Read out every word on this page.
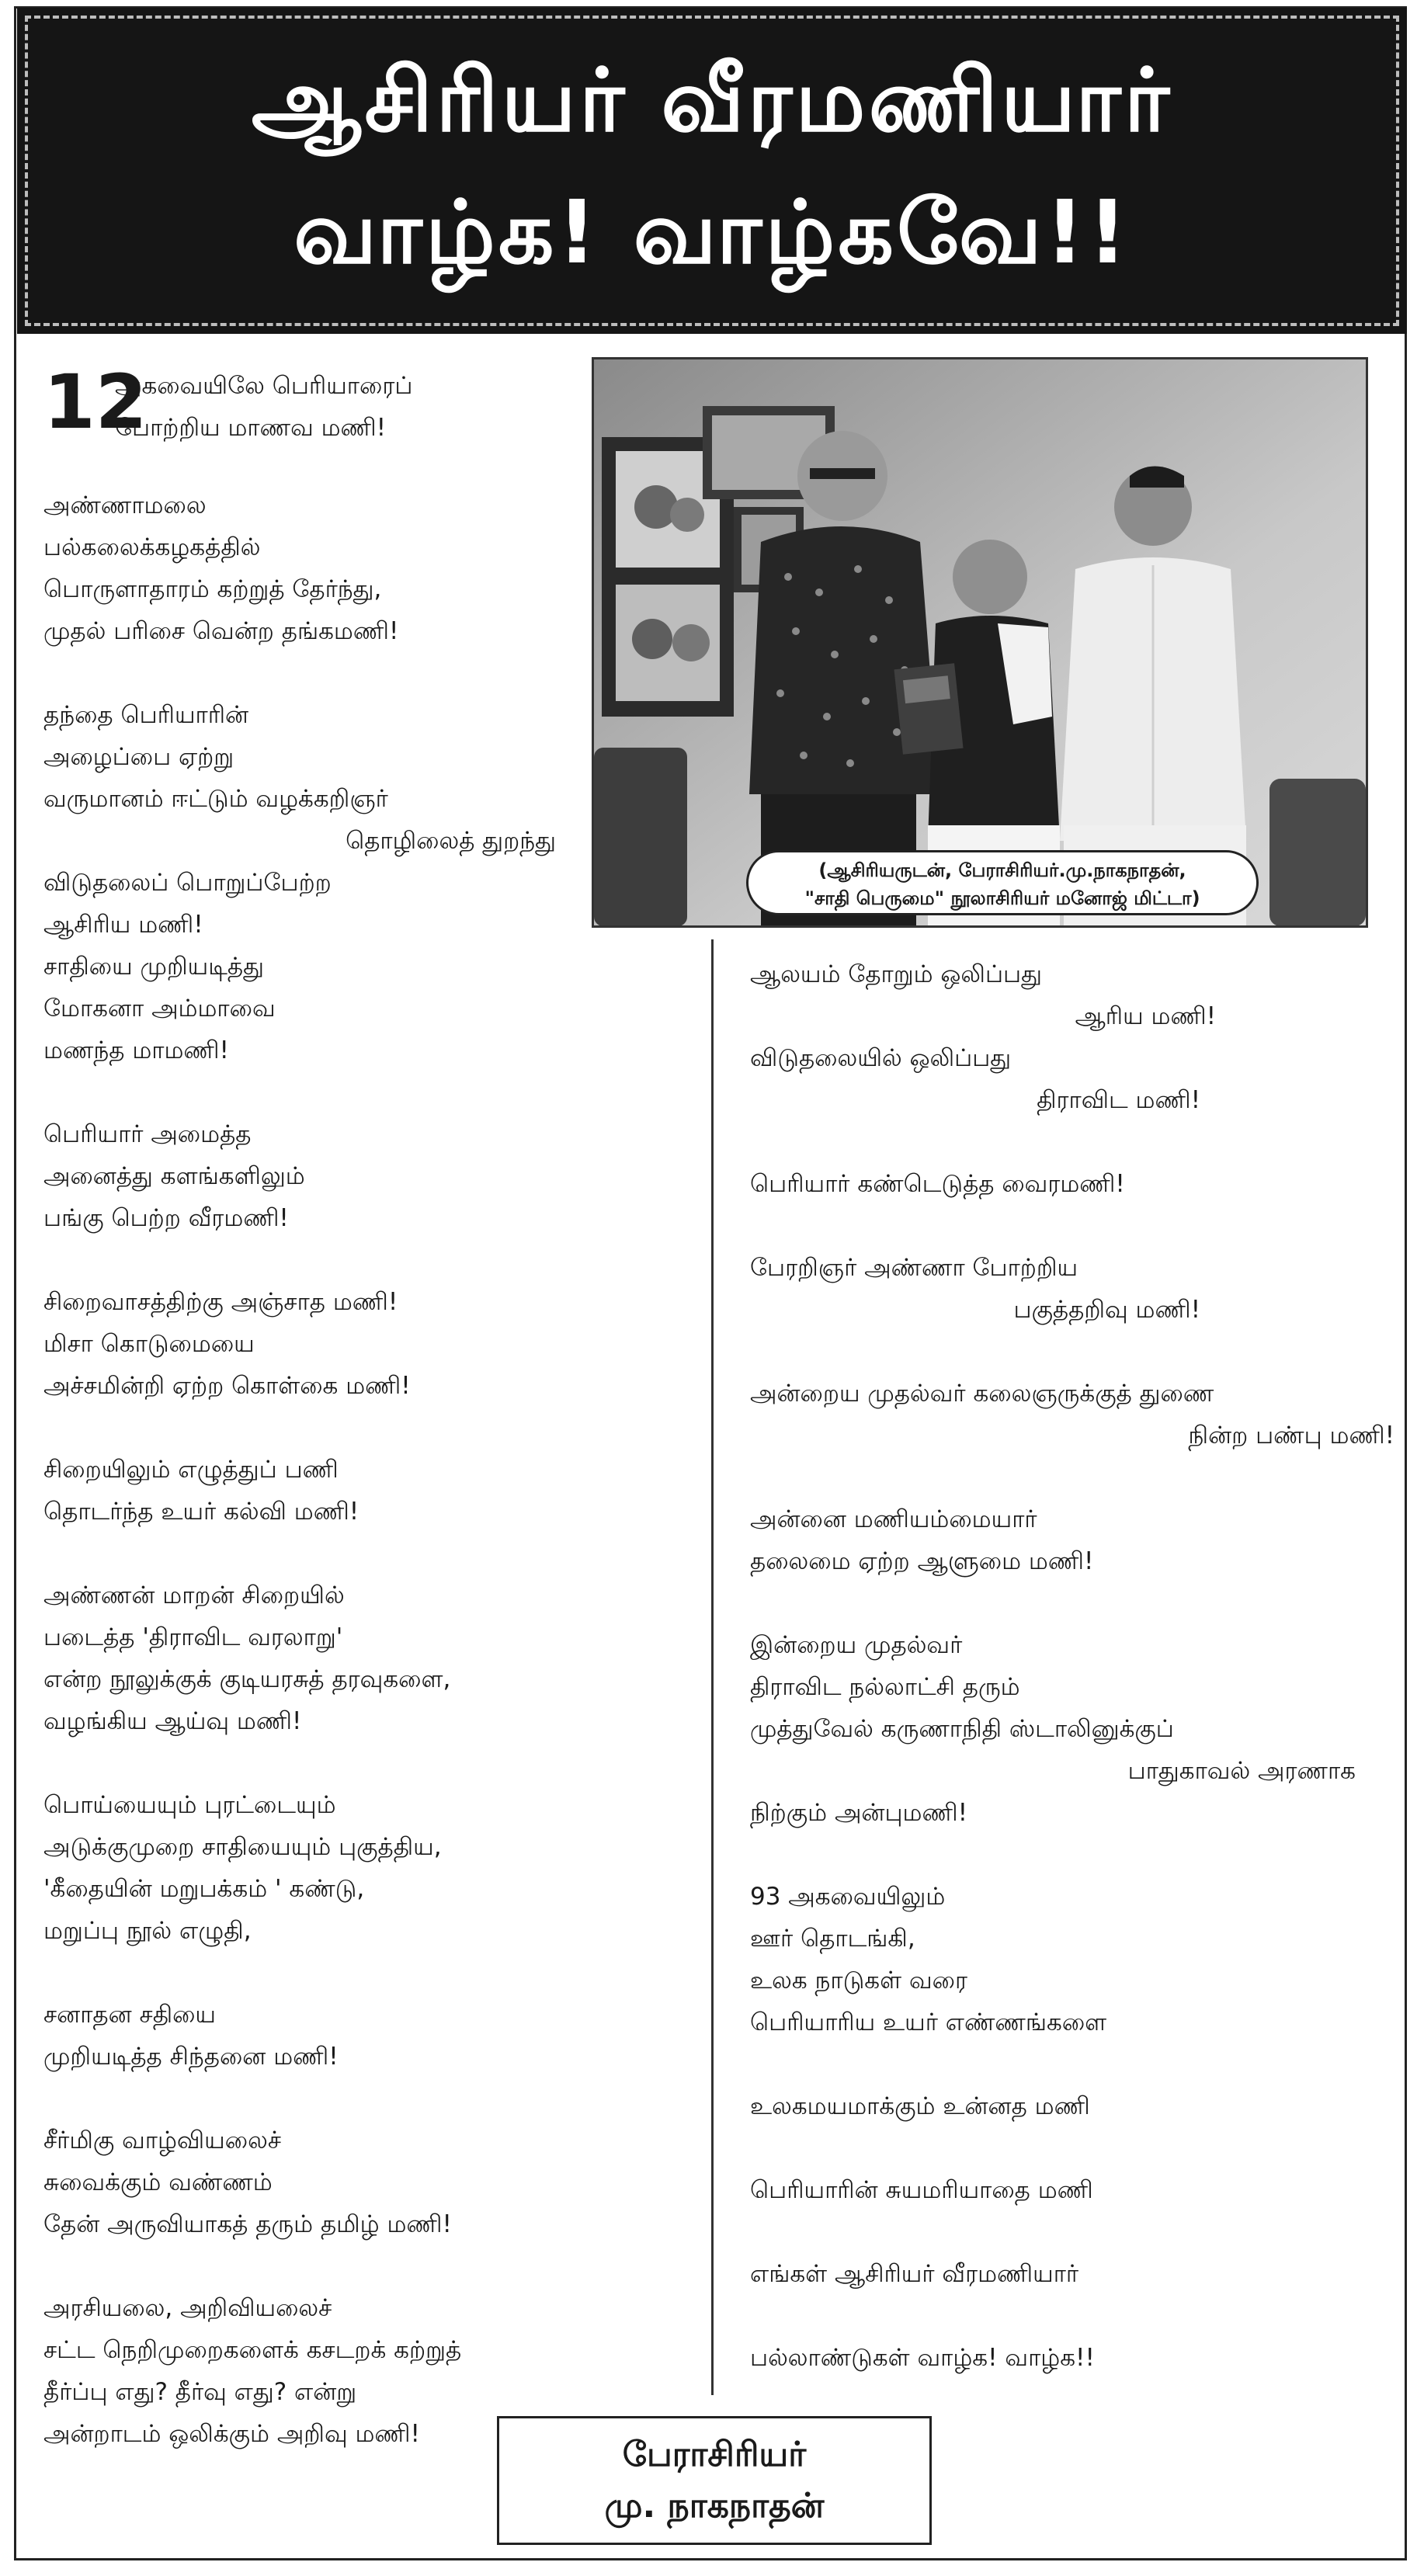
ஆசிரியர் வீரமணியார்
வாழ்க! வாழ்கவே!!
12
அகவையிலே பெரியாரைப்
போற்றிய மாணவ மணி!
அண்ணாமலை
பல்கலைக்கழகத்தில்
பொருளாதாரம் கற்றுத் தேர்ந்து,
முதல் பரிசை வென்ற தங்கமணி!
தந்தை பெரியாரின்
அழைப்பை ஏற்று
வருமானம் ஈட்டும் வழக்கறிஞர்
தொழிலைத் துறந்து
விடுதலைப் பொறுப்பேற்ற
ஆசிரிய மணி!
சாதியை முறியடித்து
மோகனா அம்மாவை
மணந்த மாமணி!
பெரியார் அமைத்த
அனைத்து களங்களிலும்
பங்கு பெற்ற வீரமணி!
சிறைவாசத்திற்கு அஞ்சாத மணி!
மிசா கொடுமையை
அச்சமின்றி ஏற்ற கொள்கை மணி!
சிறையிலும் எழுத்துப் பணி
தொடர்ந்த உயர் கல்வி மணி!
அண்ணன் மாறன் சிறையில்
படைத்த 'திராவிட வரலாறு'
என்ற நூலுக்குக் குடியரசுத் தரவுகளை,
வழங்கிய ஆய்வு மணி!
பொய்யையும் புரட்டையும்
அடுக்குமுறை சாதியையும் புகுத்திய,
'கீதையின் மறுபக்கம் ' கண்டு,
மறுப்பு நூல் எழுதி,
சனாதன சதியை
முறியடித்த சிந்தனை மணி!
சீர்மிகு வாழ்வியலைச்
சுவைக்கும் வண்ணம்
தேன் அருவியாகத் தரும் தமிழ் மணி!
அரசியலை, அறிவியலைச்
சட்ட நெறிமுறைகளைக் கசடறக் கற்றுத்
தீர்ப்பு எது? தீர்வு எது? என்று
அன்றாடம் ஒலிக்கும் அறிவு மணி!
(ஆசிரியருடன், பேராசிரியர்.மு.நாகநாதன்,
"சாதி பெருமை" நூலாசிரியர் மனோஜ் மிட்டா)
ஆலயம் தோறும் ஒலிப்பது
ஆரிய மணி!
விடுதலையில் ஒலிப்பது
திராவிட மணி!
பெரியார் கண்டெடுத்த வைரமணி!
பேரறிஞர் அண்ணா போற்றிய
பகுத்தறிவு மணி!
அன்றைய முதல்வர் கலைஞருக்குத் துணை
நின்ற பண்பு மணி!
அன்னை மணியம்மையார்
தலைமை ஏற்ற ஆளுமை மணி!
இன்றைய முதல்வர்
திராவிட நல்லாட்சி தரும்
முத்துவேல் கருணாநிதி ஸ்டாலினுக்குப்
பாதுகாவல் அரணாக
நிற்கும் அன்புமணி!
93 அகவையிலும்
ஊர் தொடங்கி,
உலக நாடுகள் வரை
பெரியாரிய உயர் எண்ணங்களை
உலகமயமாக்கும் உன்னத மணி
பெரியாரின் சுயமரியாதை மணி
எங்கள் ஆசிரியர் வீரமணியார்
பல்லாண்டுகள் வாழ்க! வாழ்க!!
பேராசிரியர்
மு. நாகநாதன்
